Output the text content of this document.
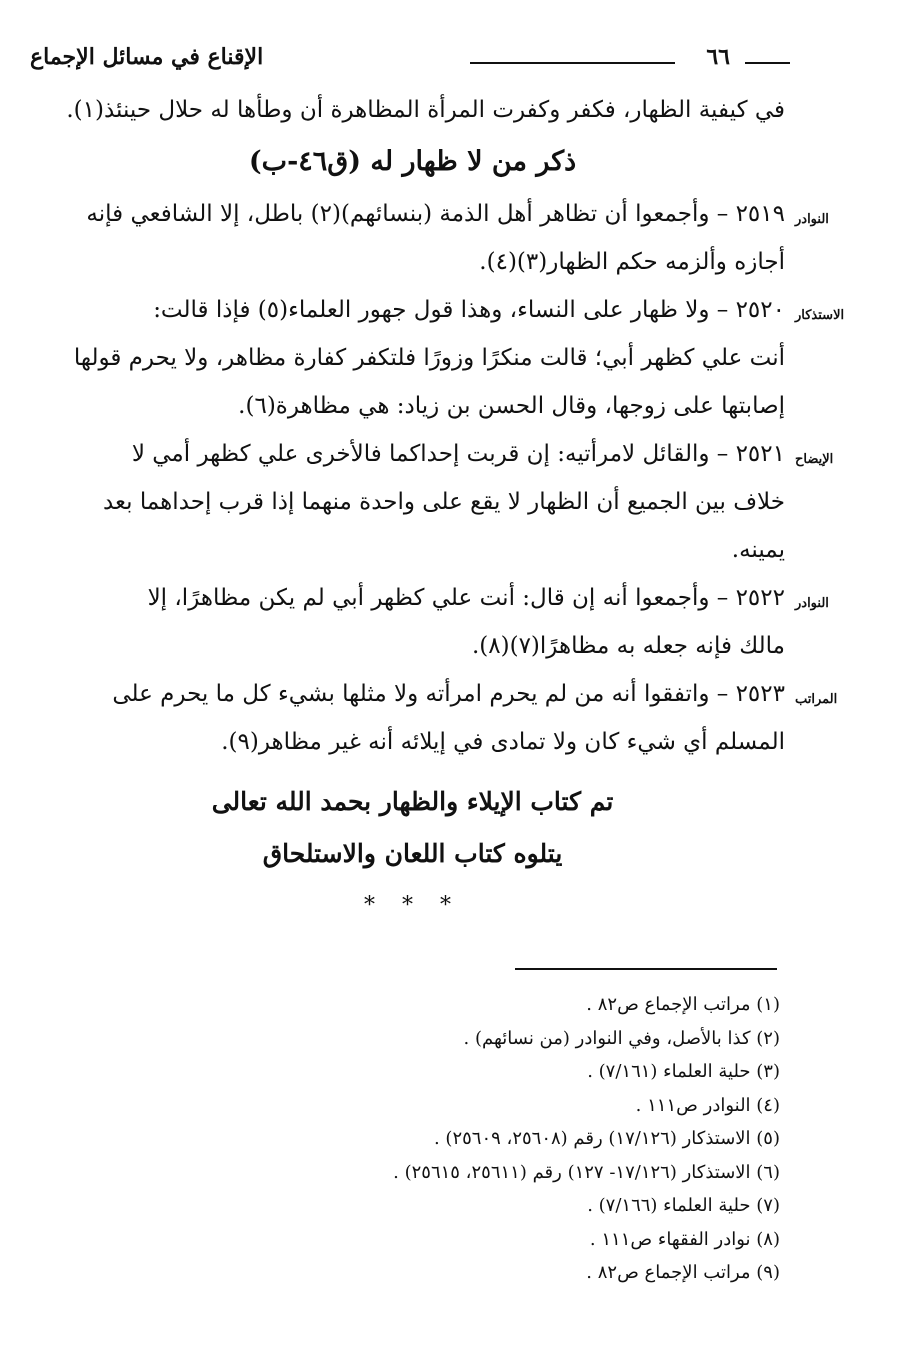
٦٦
الإقناع في مسائل الإجماع
في كيفية الظهار، فكفر وكفرت المرأة المظاهرة أن وطأها له حلال حينئذ(١).
ذكر من لا ظهار له (ق٤٦-ب)
النوادر
٢٥١٩ – وأجمعوا أن تظاهر أهل الذمة (بنسائهم)(٢) باطل، إلا الشافعي فإنه
أجازه وألزمه حكم الظهار(٣)(٤).
الاستذكار
٢٥٢٠ – ولا ظهار على النساء، وهذا قول جهور العلماء(٥) فإذا قالت:
أنت علي كظهر أبي؛ قالت منكرًا وزورًا فلتكفر كفارة مظاهر، ولا يحرم قولها
إصابتها على زوجها، وقال الحسن بن زياد: هي مظاهرة(٦).
الإيضاح
٢٥٢١ – والقائل لامرأتيه: إن قربت إحداكما فالأخرى علي كظهر أمي لا
خلاف بين الجميع أن الظهار لا يقع على واحدة منهما إذا قرب إحداهما بعد
يمينه.
النوادر
٢٥٢٢ – وأجمعوا أنه إن قال: أنت علي كظهر أبي لم يكن مظاهرًا، إلا
مالك فإنه جعله به مظاهرًا(٧)(٨).
المراتب
٢٥٢٣ – واتفقوا أنه من لم يحرم امرأته ولا مثلها بشيء كل ما يحرم على
المسلم أي شيء كان ولا تمادى في إيلائه أنه غير مظاهر(٩).
تم كتاب الإيلاء والظهار بحمد الله تعالى
يتلوه كتاب اللعان والاستلحاق
* * *
(١) مراتب الإجماع ص٨٢ .
(٢) كذا بالأصل، وفي النوادر (من نسائهم) .
(٣) حلية العلماء (٧/١٦١) .
(٤) النوادر ص١١١ .
(٥) الاستذكار (١٧/١٢٦) رقم (٢٥٦٠٨، ٢٥٦٠٩) .
(٦) الاستذكار (١٧/١٢٦- ١٢٧) رقم (٢٥٦١١، ٢٥٦١٥) .
(٧) حلية العلماء (٧/١٦٦) .
(٨) نوادر الفقهاء ص١١١ .
(٩) مراتب الإجماع ص٨٢ .
